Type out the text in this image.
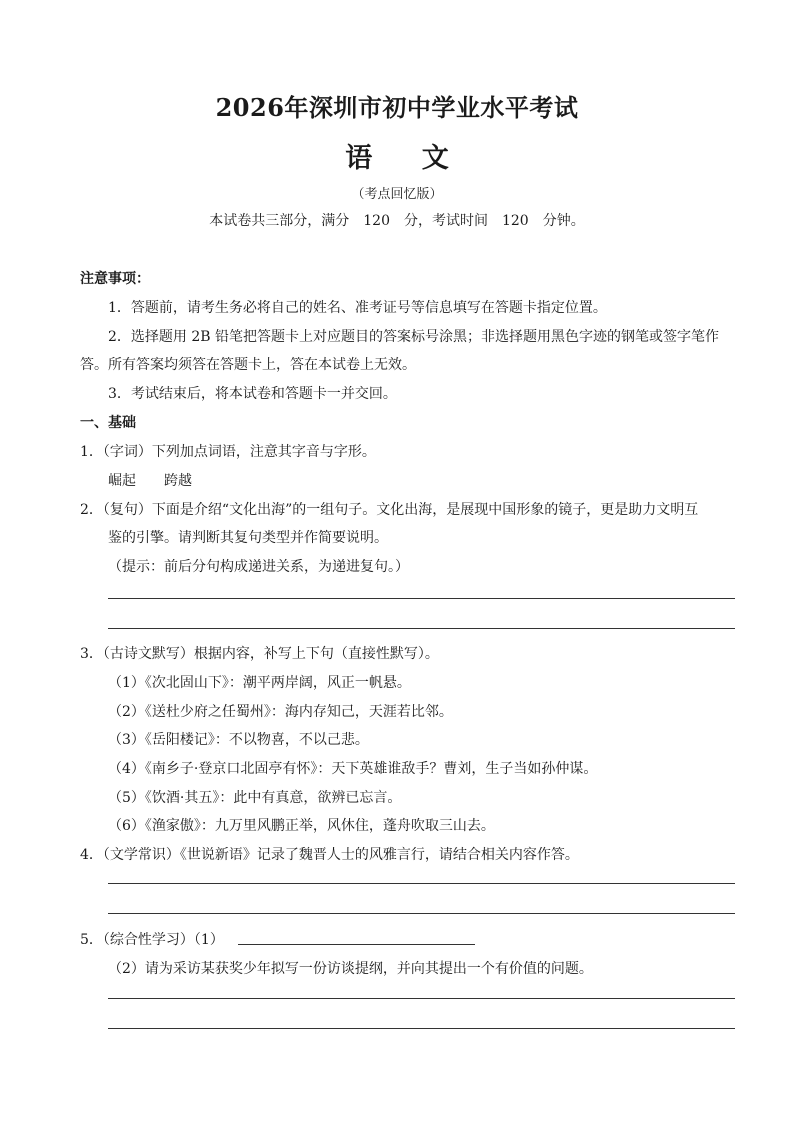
2026年深圳市初中学业水平考试
语 文
（考点回忆版）
本试卷共三部分，满分　120　分，考试时间　120　分钟。
注意事项：
1．答题前，请考生务必将自己的姓名、准考证号等信息填写在答题卡指定位置。
2．选择题用 2B 铅笔把答题卡上对应题目的答案标号涂黑；非选择题用黑色字迹的钢笔或签字笔作
答。所有答案均须答在答题卡上，答在本试卷上无效。
3．考试结束后，将本试卷和答题卡一并交回。
一、基础
1．（字词）下列加点词语，注意其字音与字形。
崛起　　跨越
2．（复句）下面是介绍“文化出海”的一组句子。文化出海，是展现中国形象的镜子，更是助力文明互
鉴的引擎。请判断其复句类型并作简要说明。
（提示：前后分句构成递进关系，为递进复句。）
3．（古诗文默写）根据内容，补写上下句（直接性默写）。
（1）《次北固山下》：潮平两岸阔，风正一帆悬。
（2）《送杜少府之任蜀州》：海内存知己，天涯若比邻。
（3）《岳阳楼记》：不以物喜，不以己悲。
（4）《南乡子·登京口北固亭有怀》：天下英雄谁敌手？曹刘，生子当如孙仲谋。
（5）《饮酒·其五》：此中有真意，欲辨已忘言。
（6）《渔家傲》：九万里风鹏正举，风休住，蓬舟吹取三山去。
4．（文学常识）《世说新语》记录了魏晋人士的风雅言行，请结合相关内容作答。
5．（综合性学习）（1）
（2）请为采访某获奖少年拟写一份访谈提纲，并向其提出一个有价值的问题。
